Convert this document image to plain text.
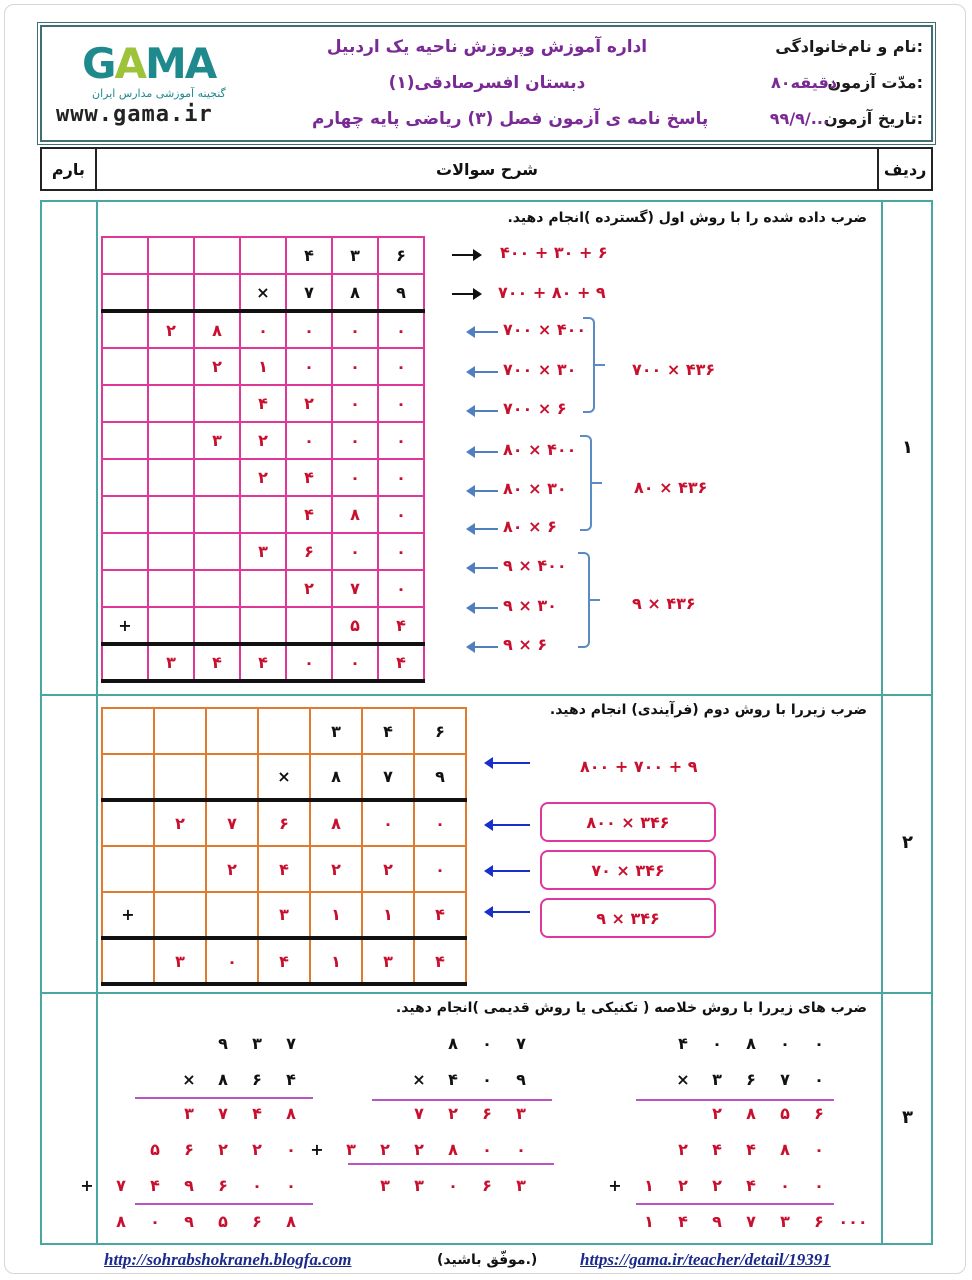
نام و نام‌خانوادگی:
مدّت آزمون:
۸۰دقیقه
تاریخ آزمون:
۹۹/۹/...
اداره آموزش وپروزش ناحیه یک اردبیل
دبستان افسرصادقی(۱)
پاسخ نامه ی آزمون فصل (۳) ریاضی پایه چهارم
GAMA
گنجینه آموزشی مدارس ایران
www.gama.ir
بارم	شرح سوالات	ردیف
۱
۲
۳
ضرب داده شده را با روش اول (گسترده )انجام دهید.
ضرب زیررا با روش دوم (فرآیندی) انجام دهید.
ضرب های زیررا با روش خلاصه ( تکنیکی یا روش قدیمی )انجام دهید.
				۴	۳	۶
			×	۷	۸	۹
	۲	۸	۰	۰	۰	۰
		۲	۱	۰	۰	۰
			۴	۲	۰	۰
		۳	۲	۰	۰	۰
			۲	۴	۰	۰
				۴	۸	۰
			۳	۶	۰	۰
				۲	۷	۰
+					۵	۴
	۳	۴	۴	۰	۰	۴
۴۰۰ + ۳۰ + ۶
۷۰۰ + ۸۰ + ۹
۷۰۰ × ۴۰۰
۷۰۰ × ۳۰
۷۰۰ × ۶
۸۰ × ۴۰۰
۸۰ × ۳۰
۸۰ × ۶
۹ × ۴۰۰
۹ × ۳۰
۹ × ۶
۷۰۰ × ۴۳۶
۸۰ × ۴۳۶
۹ × ۴۳۶
				۳	۴	۶
			×	۸	۷	۹
	۲	۷	۶	۸	۰	۰
		۲	۴	۲	۲	۰
+			۳	۱	۱	۴
	۳	۰	۴	۱	۳	۴
۸۰۰ + ۷۰۰ + ۹
۸۰۰ × ۳۴۶
۷۰ × ۳۴۶
۹ × ۳۴۶
۹	۳	۷
×	۸	۶	۴
۳	۷	۴	۸
۵	۶	۲	۲	۰
+	۷	۴	۹	۶	۰	۰
۸	۰	۹	۵	۶	۸
۸	۰	۷
×	۴	۰	۹
۷	۲	۶	۳
+	۳	۲	۲	۸	۰	۰
۳	۳	۰	۶	۳
۴	۰	۸	۰	۰
×	۳	۶	۷	۰
۲	۸	۵	۶
۲	۴	۴	۸	۰
+	۱	۲	۲	۴	۰	۰
۱	۴	۹	۷	۳	۶ ۰۰۰
http://sohrabshokraneh.blogfa.com	(موفّق باشید.)	https://gama.ir/teacher/detail/19391
